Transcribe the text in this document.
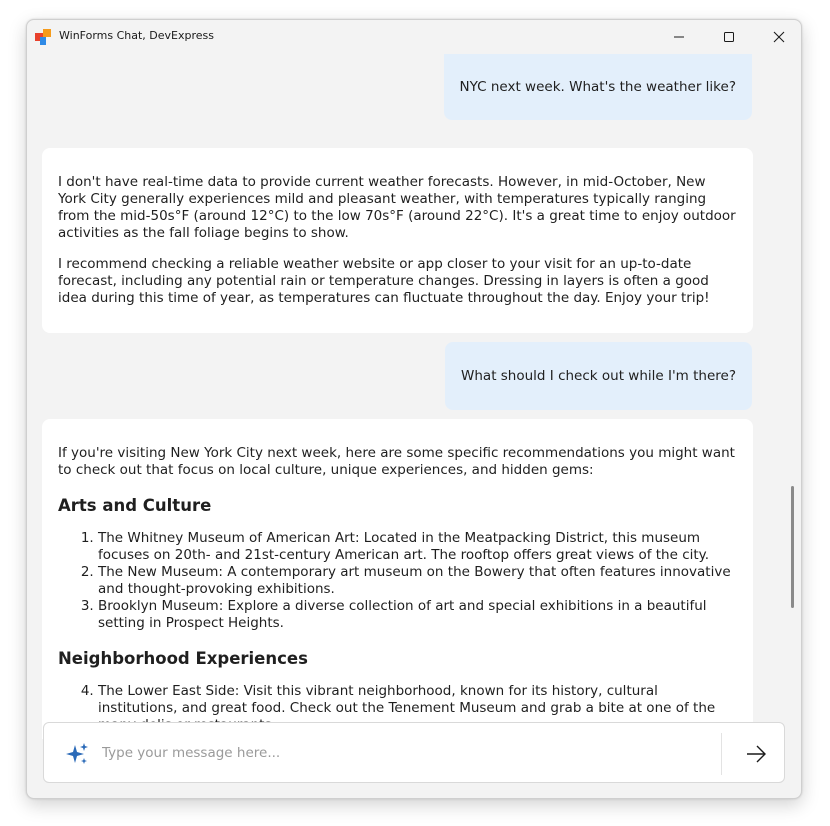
WinForms Chat, DevExpress
NYC next week. What's the weather like?

I don't have real-time data to provide current weather forecasts. However, in mid-October, New York City generally experiences mild and pleasant weather, with temperatures typically ranging from the mid-50s°F (around 12°C) to the low 70s°F (around 22°C). It's a great time to enjoy outdoor activities as the fall foliage begins to show.

I recommend checking a reliable weather website or app closer to your visit for an up-to-date forecast, including any potential rain or temperature changes. Dressing in layers is often a good idea during this time of year, as temperatures can fluctuate throughout the day. Enjoy your trip!

What should I check out while I'm there?

If you're visiting New York City next week, here are some specific recommendations you might want to check out that focus on local culture, unique experiences, and hidden gems:

Arts and Culture
1. The Whitney Museum of American Art: Located in the Meatpacking District, this museum focuses on 20th- and 21st-century American art. The rooftop offers great views of the city.
2. The New Museum: A contemporary art museum on the Bowery that often features innovative and thought-provoking exhibitions.
3. Brooklyn Museum: Explore a diverse collection of art and special exhibitions in a beautiful setting in Prospect Heights.
Neighborhood Experiences
4. The Lower East Side: Visit this vibrant neighborhood, known for its history, cultural institutions, and great food. Check out the Tenement Museum and grab a bite at one of the
5.
Type your message here...
